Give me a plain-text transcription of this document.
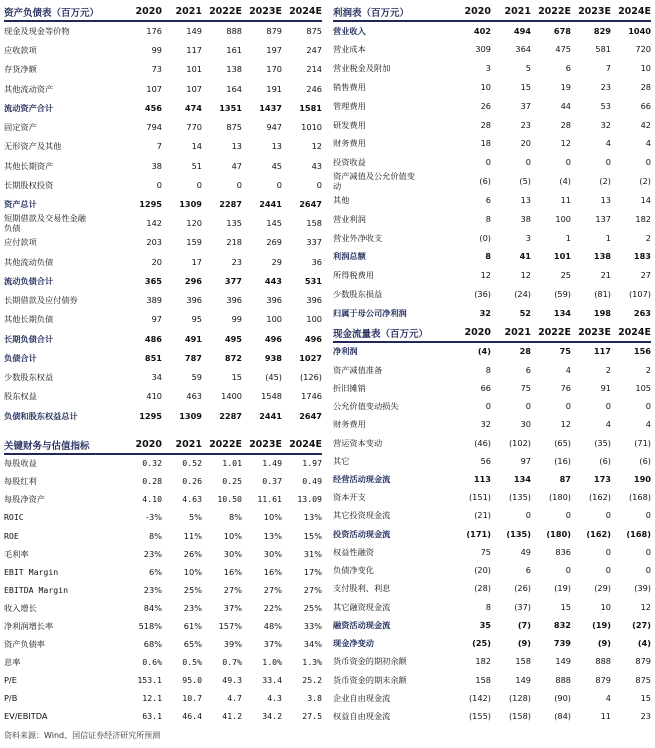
资产负债表（百万元）	2020	2021 2022E 2023E 2024E
现金及现金等价物	176	149	888	879	875
应收款项	99	117	161	197	247
存货净额	73	101	138	170	214
其他流动资产	107	107	164	191	246
流动资产合计	456	474	1351	1437	1581
固定资产	794	770	875	947	1010
无形资产及其他	7	14	13	13	12
其他长期资产	38	51	47	45	43
长期股权投资	0	0	0	0	0
资产总计	1295	1309	2287	2441	2647
短期借款及交易性金融
负债	142	120	135	145	158
应付款项	203	159	218	269	337
其他流动负债	20	17	23	29	36
流动负债合计	365	296	377	443	531
长期借款及应付债券	389	396	396	396	396
其他长期负债	97	95	99	100	100
长期负债合计	486	491	495	496	496
负债合计	851	787	872	938	1027
少数股东权益	34	59	15	(45)	(126)
股东权益	410	463	1400	1548	1746
负债和股东权益总计	1295	1309	2287	2441	2647
利润表（百万元）	2020	2021 2022E 2023E 2024E
营业收入	402	494	678	829	1040
营业成本	309	364	475	581	720
营业税金及附加	3	5	6	7	10
销售费用	10	15	19	23	28
管理费用	26	37	44	53	66
研发费用	28	23	28	32	42
财务费用	18	20	12	4	4
投资收益	0	0	0	0	0
资产减值及公允价值变
动	(6)	(5)	(4)	(2)	(2)
其他	6	13	11	13	14
营业利润	8	38	100	137	182
营业外净收支	(0)	3	1	1	2
利润总额	8	41	101	138	183
所得税费用	12	12	25	21	27
少数股东损益	(36)	(24)	(59)	(81)	(107)
归属于母公司净利润	32	52	134	198	263
现金流量表（百万元）	2020	2021 2022E 2023E 2024E
净利润	(4)	28	75	117	156
资产减值准备	8	6	4	2	2
折旧摊销	66	75	76	91	105
公允价值变动损失	0	0	0	0	0
财务费用	32	30	12	4	4
营运资本变动	(46)	(102)	(65)	(35)	(71)
其它	56	97	(16)	(6)	(6)
经营活动现金流	113	134	87	173	190
资本开支	(151)	(135)	(180)	(162)	(168)
其它投资现金流	(21)	0	0	0	0
投资活动现金流	(171)	(135)	(180)	(162)	(168)
权益性融资	75	49	836	0	0
负债净变化	(20)	6	0	0	0
支付股利、利息	(28)	(26)	(19)	(29)	(39)
其它融资现金流	8	(37)	15	10	12
融资活动现金流	35	(7)	832	(19)	(27)
现金净变动	(25)	(9)	739	(9)	(4)
货币资金的期初余额	182	158	149	888	879
货币资金的期末余额	158	149	888	879	875
企业自由现金流	(142)	(128)	(90)	4	15
权益自由现金流	(155)	(158)	(84)	11	23
关键财务与估值指标	2020	2021 2022E 2023E 2024E
每股收益	0.32	0.52	1.01	1.49	1.97
每股红利	0.28	0.26	0.25	0.37	0.49
每股净资产	4.10	4.63	10.50	11.61	13.09
ROIC	-3%	5%	8%	10%	13%
ROE	8%	11%	10%	13%	15%
毛利率	23%	26%	30%	30%	31%
EBIT Margin	6%	10%	16%	16%	17%
EBITDA Margin	23%	25%	27%	27%	27%
收入增长	84%	23%	37%	22%	25%
净利润增长率	518%	61%	157%	48%	33%
资产负债率	68%	65%	39%	37%	34%
息率	0.6%	0.5%	0.7%	1.0%	1.3%
P/E	153.1	95.0	49.3	33.4	25.2
P/B	12.1	10.7	4.7	4.3	3.8
EV/EBITDA	63.1	46.4	41.2	34.2	27.5
资料来源：Wind、国信证券经济研究所预测
